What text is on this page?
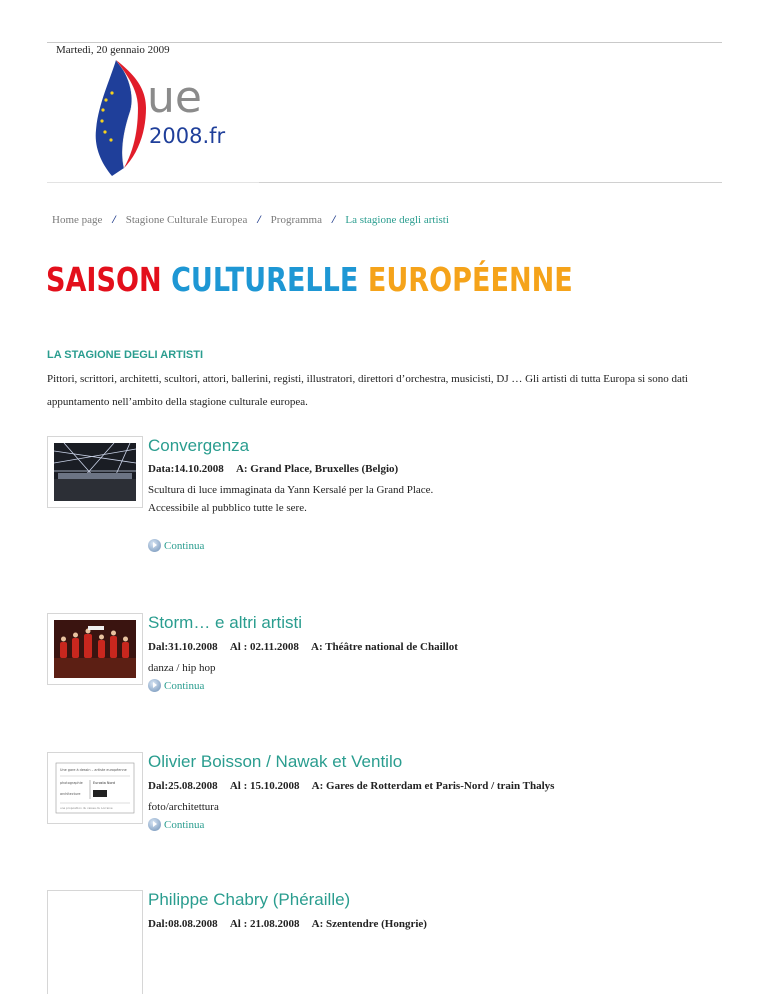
Martedì, 20 gennaio 2009
ue
2008.fr
Home page / Stagione Culturale Europea / Programma / La stagione degli artisti
SAISON CULTURELLE EUROPÉENNE
LA STAGIONE DEGLI ARTISTI

Pittori, scrittori, architetti, scultori, attori, ballerini, registi, illustratori, direttori d’orchestra, musicisti, DJ … Gli artisti di tutta Europa si sono dati appuntamento nell’ambito della stagione culturale europea.

Convergenza
Data:14.10.2008 A: Grand Place, Bruxelles (Belgio)
Scultura di luce immaginata da Yann Kersalé per la Grand Place.
Accessibile al pubblico tutte le sere.
Continua
Storm… e altri artisti
Dal:31.10.2008 Al : 02.11.2008 A: Théâtre national de Chaillot
danza / hip hop
Continua
Une gare à dessin – artiste européenne
photographie	Eurosta Nord
architecture
une proposition du caisse du Lorraine
Olivier Boisson / Nawak et Ventilo
Dal:25.08.2008 Al : 15.10.2008 A: Gares de Rotterdam et Paris-Nord / train Thalys
foto/architettura
Continua
Philippe Chabry (Phéraille)
Dal:08.08.2008 Al : 21.08.2008 A: Szentendre (Hongrie)
